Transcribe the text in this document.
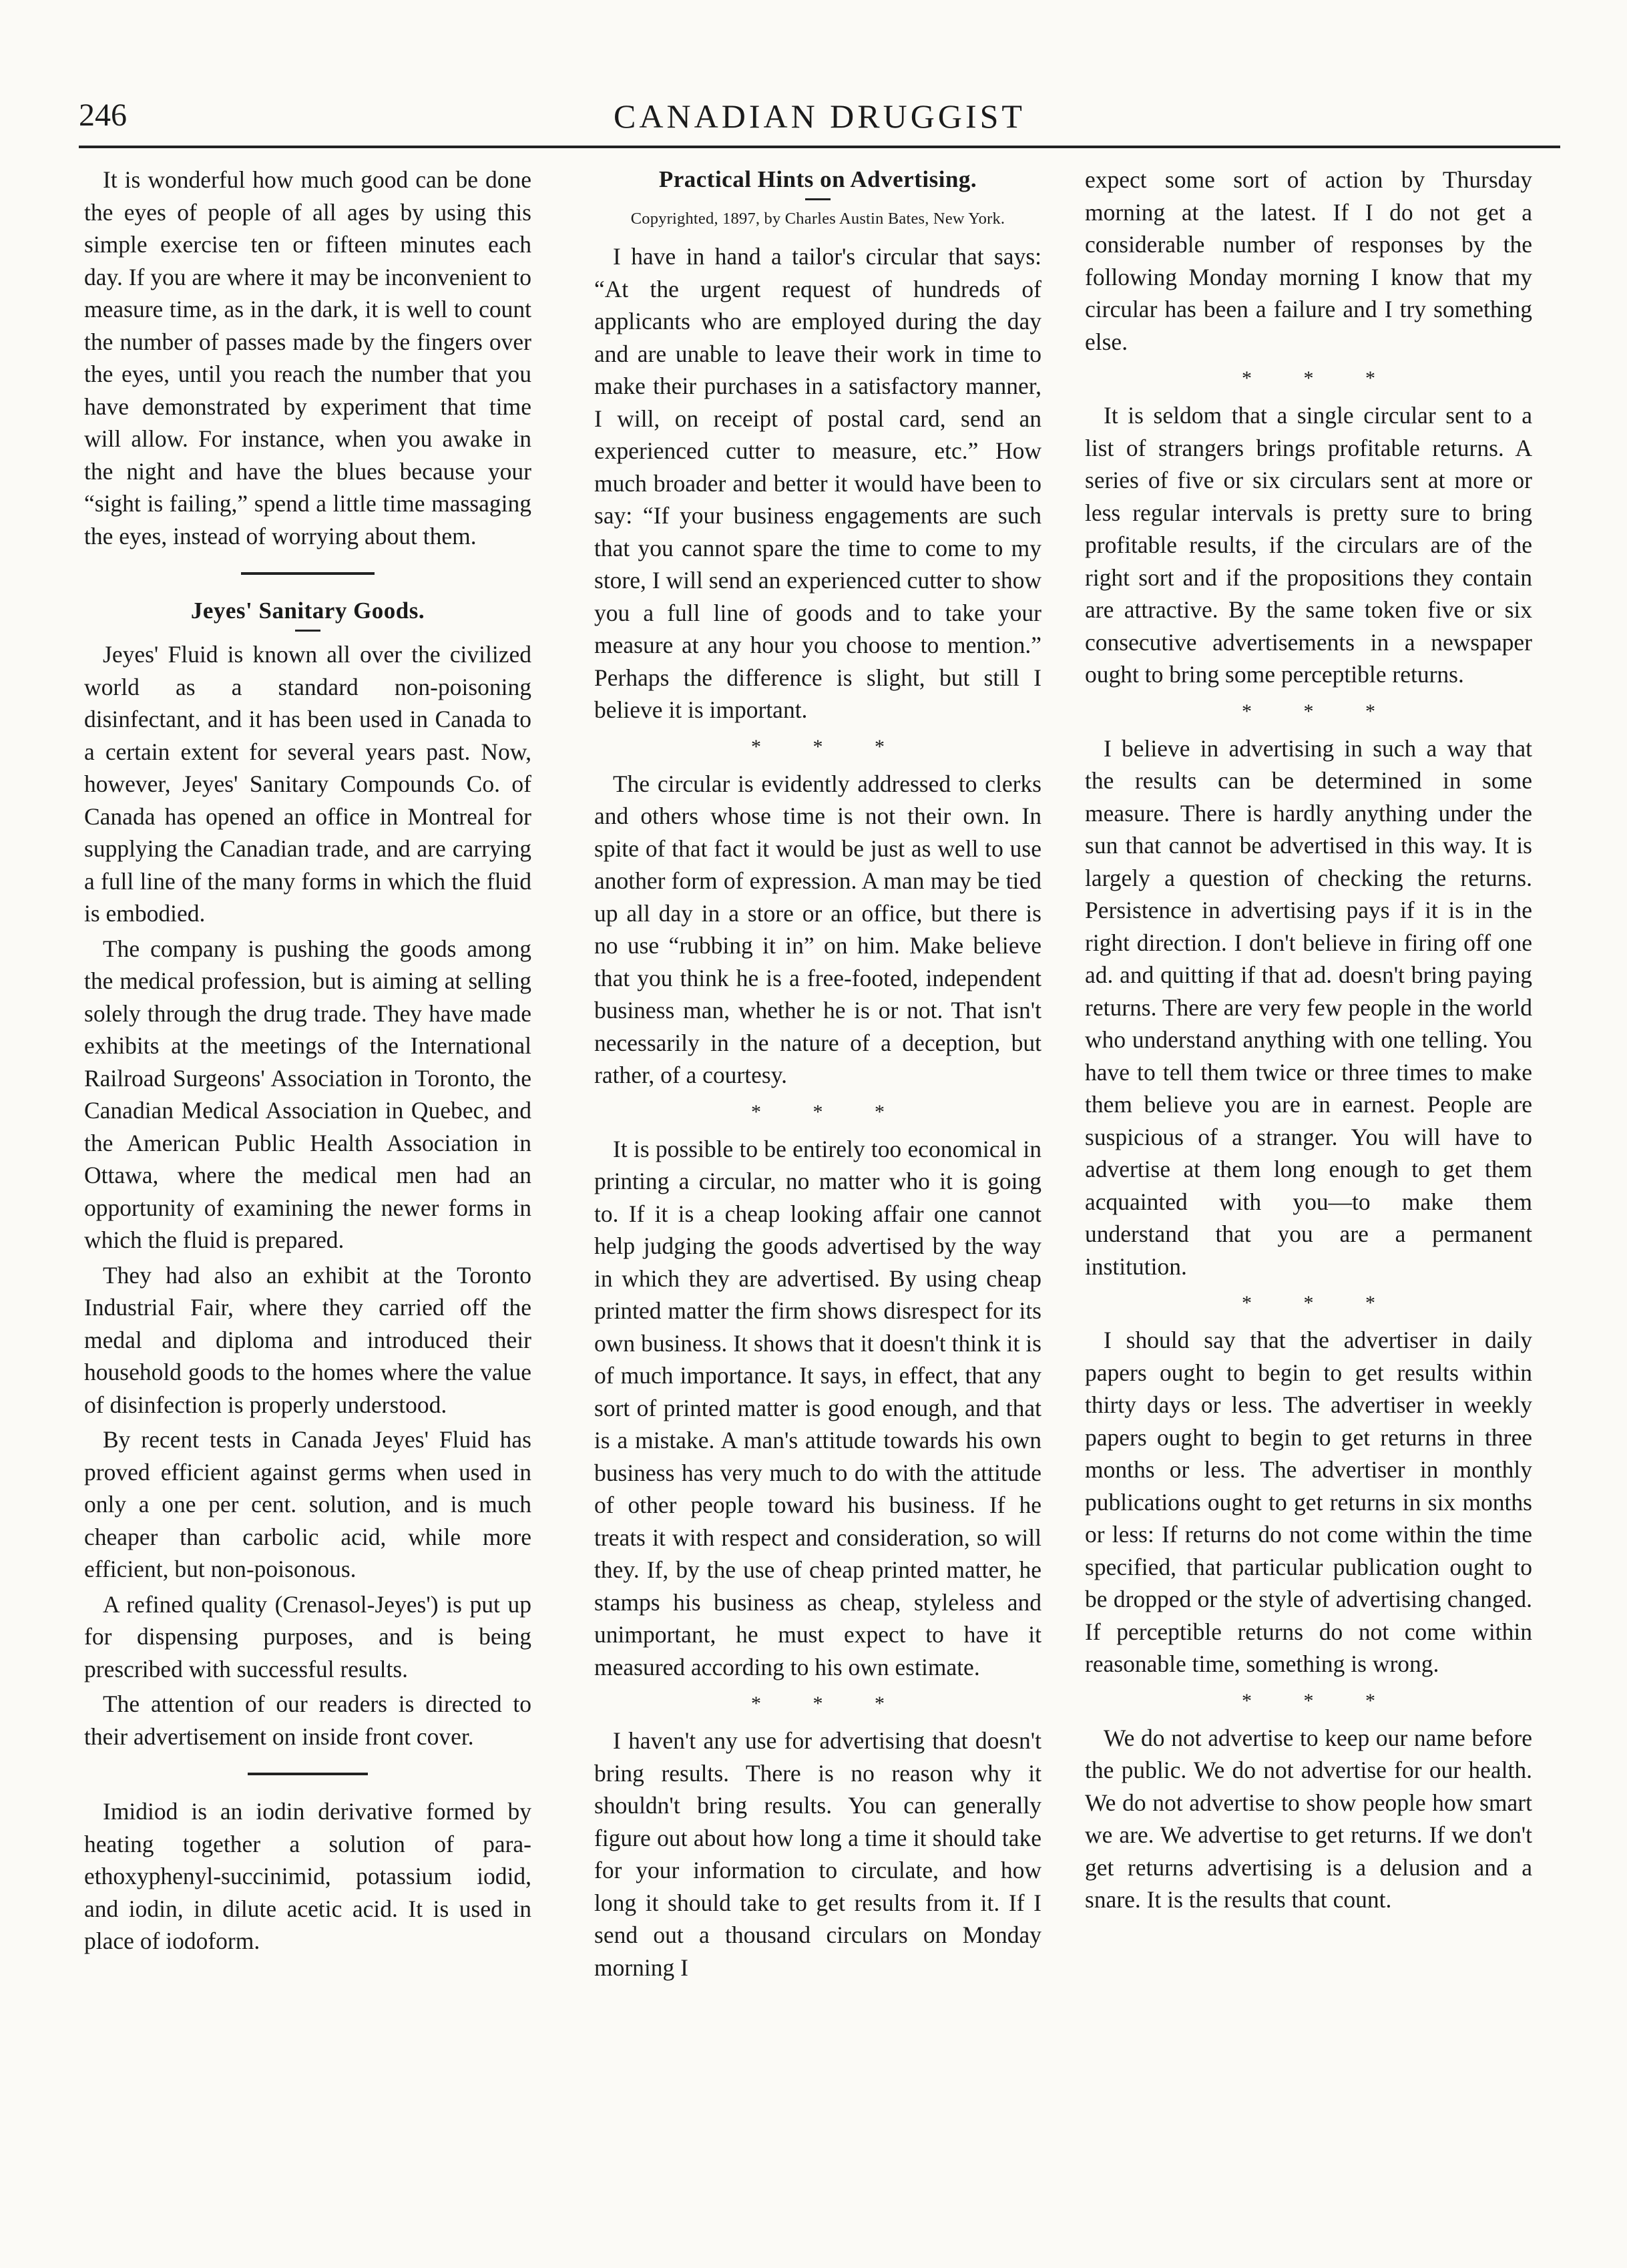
246	CANADIAN DRUGGIST

It is wonderful how much good can be done the eyes of people of all ages by using this simple exercise ten or fifteen minutes each day. If you are where it may be inconvenient to measure time, as in the dark, it is well to count the number of passes made by the fingers over the eyes, until you reach the number that you have demonstrated by experiment that time will allow. For instance, when you awake in the night and have the blues because your “sight is failing,” spend a little time massaging the eyes, instead of worrying about them.

Jeyes' Sanitary Goods.

Jeyes' Fluid is known all over the civilized world as a standard non-poisoning disinfectant, and it has been used in Canada to a certain extent for several years past. Now, however, Jeyes' Sanitary Compounds Co. of Canada has opened an office in Montreal for supplying the Canadian trade, and are carrying a full line of the many forms in which the fluid is embodied.

The company is pushing the goods among the medical profession, but is aiming at selling solely through the drug trade. They have made exhibits at the meetings of the International Railroad Surgeons' Association in Toronto, the Canadian Medical Association in Quebec, and the American Public Health Association in Ottawa, where the medical men had an opportunity of examining the newer forms in which the fluid is prepared.

They had also an exhibit at the Toronto Industrial Fair, where they carried off the medal and diploma and introduced their household goods to the homes where the value of disinfection is properly understood.

By recent tests in Canada Jeyes' Fluid has proved efficient against germs when used in only a one per cent. solution, and is much cheaper than carbolic acid, while more efficient, but non-poisonous.

A refined quality (Crenasol-Jeyes') is put up for dispensing purposes, and is being prescribed with successful results.

The attention of our readers is directed to their advertisement on inside front cover.

Imidiod is an iodin derivative formed by heating together a solution of para-ethoxyphenyl-succinimid, potassium iodid, and iodin, in dilute acetic acid. It is used in place of iodoform.

Practical Hints on Advertising.
Copyrighted, 1897, by Charles Austin Bates, New York.

I have in hand a tailor's circular that says: “At the urgent request of hundreds of applicants who are employed during the day and are unable to leave their work in time to make their purchases in a satisfactory manner, I will, on receipt of postal card, send an experienced cutter to measure, etc.” How much broader and better it would have been to say: “If your business engagements are such that you cannot spare the time to come to my store, I will send an experienced cutter to show you a full line of goods and to take your measure at any hour you choose to mention.” Perhaps the difference is slight, but still I believe it is important.

* * *

The circular is evidently addressed to clerks and others whose time is not their own. In spite of that fact it would be just as well to use another form of expression. A man may be tied up all day in a store or an office, but there is no use “rubbing it in” on him. Make believe that you think he is a free-footed, independent business man, whether he is or not. That isn't necessarily in the nature of a deception, but rather, of a courtesy.

* * *

It is possible to be entirely too economical in printing a circular, no matter who it is going to. If it is a cheap looking affair one cannot help judging the goods advertised by the way in which they are advertised. By using cheap printed matter the firm shows disrespect for its own business. It shows that it doesn't think it is of much importance. It says, in effect, that any sort of printed matter is good enough, and that is a mistake. A man's attitude towards his own business has very much to do with the attitude of other people toward his business. If he treats it with respect and consideration, so will they. If, by the use of cheap printed matter, he stamps his business as cheap, styleless and unimportant, he must expect to have it measured according to his own estimate.

* * *

I haven't any use for advertising that doesn't bring results. There is no reason why it shouldn't bring results. You can generally figure out about how long a time it should take for your information to circulate, and how long it should take to get results from it. If I send out a thousand circulars on Monday morning I

expect some sort of action by Thursday morning at the latest. If I do not get a considerable number of responses by the following Monday morning I know that my circular has been a failure and I try something else.

* * *

It is seldom that a single circular sent to a list of strangers brings profitable returns. A series of five or six circulars sent at more or less regular intervals is pretty sure to bring profitable results, if the circulars are of the right sort and if the propositions they contain are attractive. By the same token five or six consecutive advertisements in a newspaper ought to bring some perceptible returns.

* * *

I believe in advertising in such a way that the results can be determined in some measure. There is hardly anything under the sun that cannot be advertised in this way. It is largely a question of checking the returns. Persistence in advertising pays if it is in the right direction. I don't believe in firing off one ad. and quitting if that ad. doesn't bring paying returns. There are very few people in the world who understand anything with one telling. You have to tell them twice or three times to make them believe you are in earnest. People are suspicious of a stranger. You will have to advertise at them long enough to get them acquainted with you—to make them understand that you are a permanent institution.

* * *

I should say that the advertiser in daily papers ought to begin to get results within thirty days or less. The advertiser in weekly papers ought to begin to get returns in three months or less. The advertiser in monthly publications ought to get returns in six months or less: If returns do not come within the time specified, that particular publication ought to be dropped or the style of advertising changed. If perceptible returns do not come within reasonable time, something is wrong.

* * *

We do not advertise to keep our name before the public. We do not advertise for our health. We do not advertise to show people how smart we are. We advertise to get returns. If we don't get returns advertising is a delusion and a snare. It is the results that count.
